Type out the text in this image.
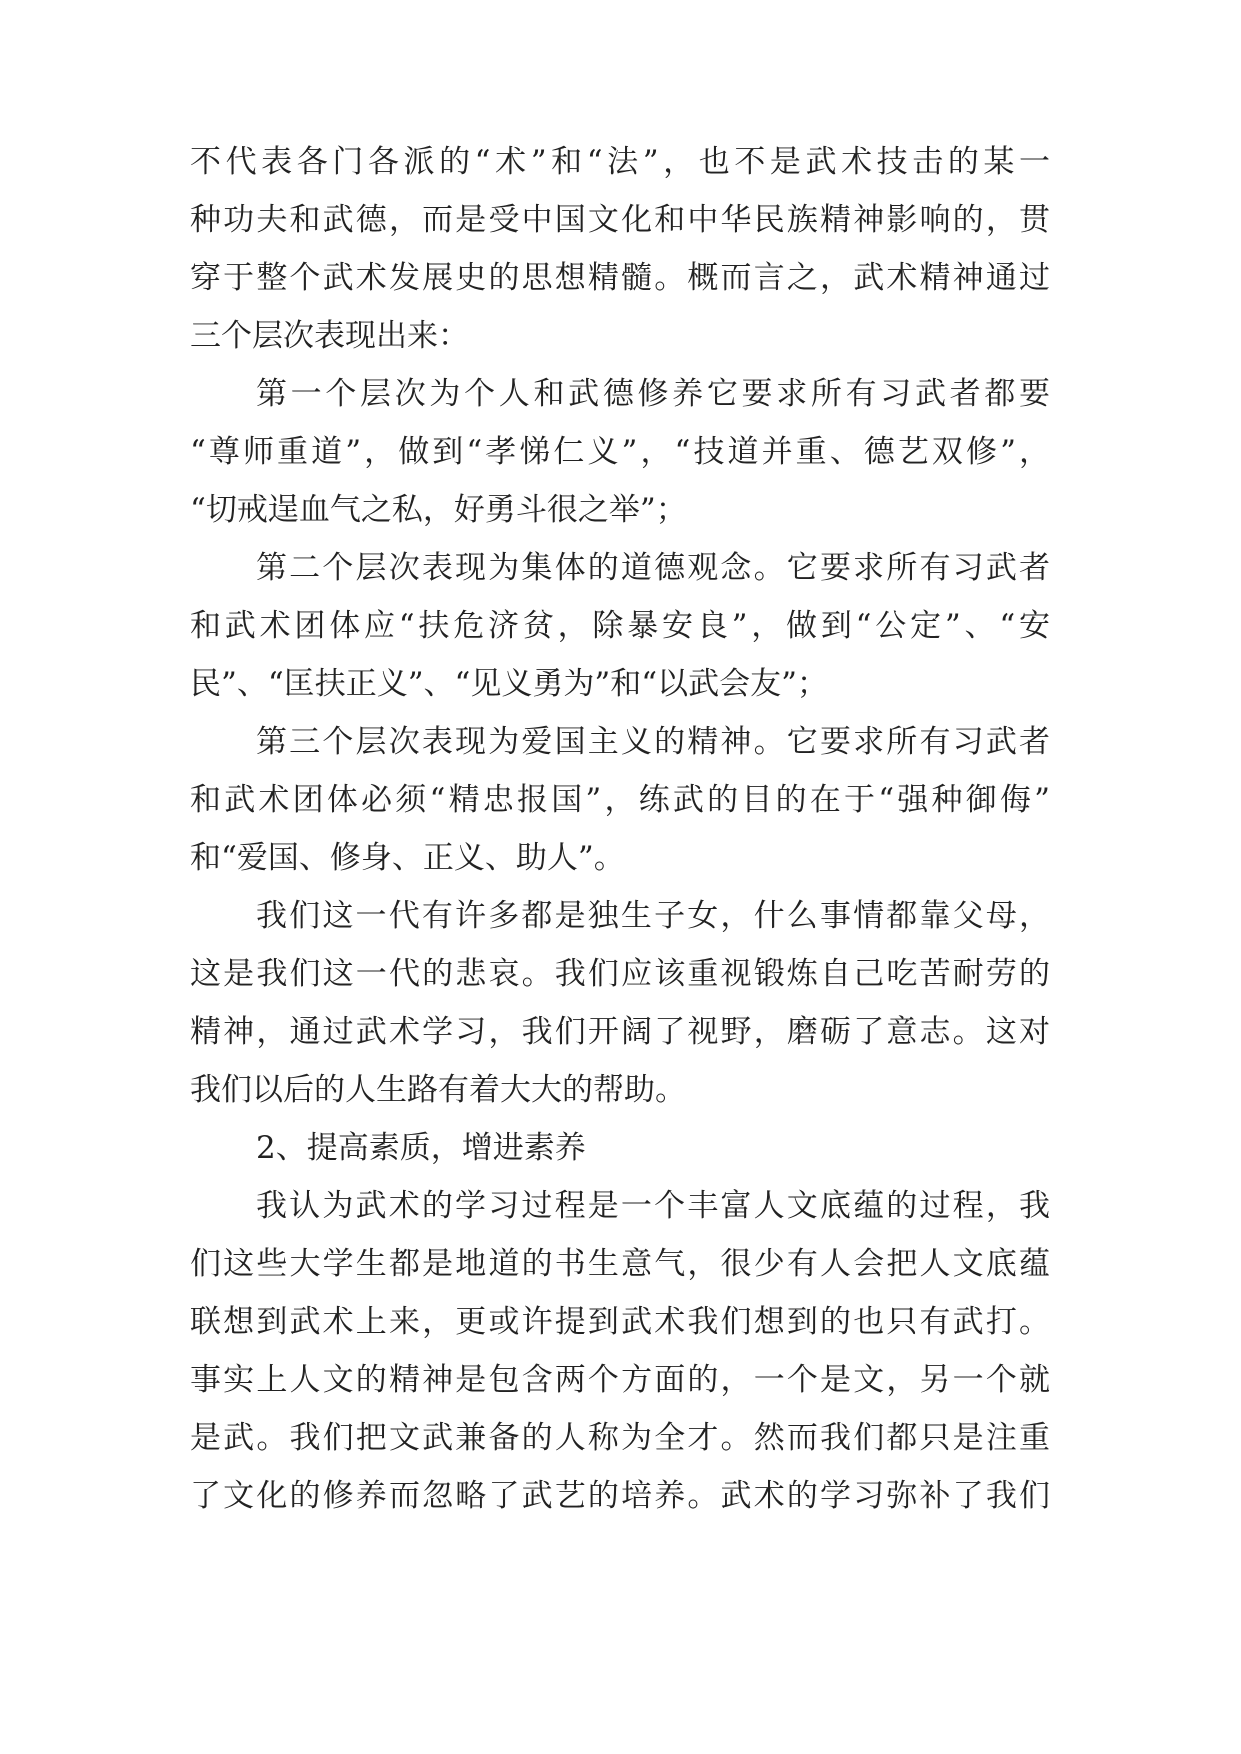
不代表各门各派的“术”和“法”，也不是武术技击的某一
种功夫和武德，而是受中国文化和中华民族精神影响的，贯
穿于整个武术发展史的思想精髓。概而言之，武术精神通过
三个层次表现出来：
第一个层次为个人和武德修养它要求所有习武者都要
“尊师重道”，做到“孝悌仁义”，“技道并重、德艺双修”，
“切戒逞血气之私，好勇斗很之举”；
第二个层次表现为集体的道德观念。它要求所有习武者
和武术团体应“扶危济贫，除暴安良”，做到“公定”、“安
民”、“匡扶正义”、“见义勇为”和“以武会友”；
第三个层次表现为爱国主义的精神。它要求所有习武者
和武术团体必须“精忠报国”，练武的目的在于“强种御侮”
和“爱国、修身、正义、助人”。
我们这一代有许多都是独生子女，什么事情都靠父母，
这是我们这一代的悲哀。我们应该重视锻炼自己吃苦耐劳的
精神，通过武术学习，我们开阔了视野，磨砺了意志。这对
我们以后的人生路有着大大的帮助。
2、提高素质，增进素养
我认为武术的学习过程是一个丰富人文底蕴的过程，我
们这些大学生都是地道的书生意气，很少有人会把人文底蕴
联想到武术上来，更或许提到武术我们想到的也只有武打。
事实上人文的精神是包含两个方面的，一个是文，另一个就
是武。我们把文武兼备的人称为全才。然而我们都只是注重
了文化的修养而忽略了武艺的培养。武术的学习弥补了我们
